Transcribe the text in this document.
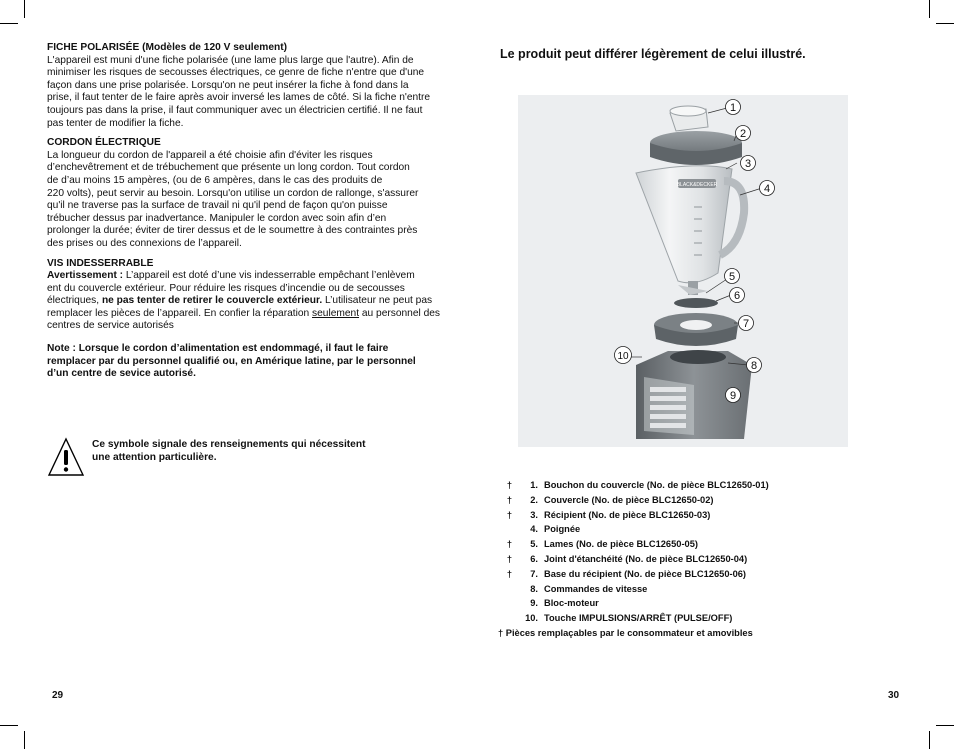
FICHE POLARISÉE (Modèles de 120 V seulement)

L'appareil est muni d'une fiche polarisée (une lame plus large que l'autre). Afin de

minimiser les risques de secousses électriques, ce genre de fiche n'entre que d'une

façon dans une prise polarisée. Lorsqu'on ne peut insérer la fiche à fond dans la

prise, il faut tenter de le faire après avoir inversé les lames de côté. Si la fiche n'entre

toujours pas dans la prise, il faut communiquer avec un électricien certifié. Il ne faut

pas tenter de modifier la fiche.

CORDON ÉLECTRIQUE

La longueur du cordon de l'appareil a été choisie afin d'éviter les risques

d’enchevêtrement et de trébuchement que présente un long cordon. Tout cordon

de d’au moins 15 ampères, (ou de 6 ampères, dans le cas des produits de

220 volts), peut servir au besoin. Lorsqu'on utilise un cordon de rallonge, s'assurer

qu'il ne traverse pas la surface de travail ni qu'il pend de façon qu'on puisse

trébucher dessus par inadvertance. Manipuler le cordon avec soin afin d’en

prolonger la durée; éviter de tirer dessus et de le soumettre à des contraintes près

des prises ou des connexions de l’appareil.

VIS INDESSERRABLE

Avertissement : L’appareil est doté d’une vis indesserrable empêchant l’enlèvem

ent du couvercle extérieur. Pour réduire les risques d’incendie ou de secousses

électriques, ne pas tenter de retirer le couvercle extérieur. L’utilisateur ne peut pas

remplacer les pièces de l’appareil. En confier la réparation seulement au personnel des

centres de service autorisés

Note : Lorsque le cordon d’alimentation est endommagé, il faut le faire

remplacer par du personnel qualifié ou, en Amérique latine, par le personnel

d’un centre de sevice autorisé.

Ce symbole signale des renseignements qui nécessitent
une attention particulière.
29
Le produit peut différer légèrement de celui illustré.
BLACK&DECKER
1
2
3
4
5
6
7
8
9
10
†	1. Bouchon du couvercle (No. de pièce BLC12650-01)
†	2. Couvercle (No. de pièce BLC12650-02)
†	3. Récipient (No. de pièce BLC12650-03)
4. Poignée
†	5. Lames (No. de pièce BLC12650-05)
†	6. Joint d'étanchéité (No. de pièce BLC12650-04)
†	7. Base du récipient (No. de pièce BLC12650-06)
8. Commandes de vitesse
9. Bloc-moteur
10. Touche IMPULSIONS/ARRÊT (PULSE/OFF)
† Pièces remplaçables par le consommateur et amovibles
30
